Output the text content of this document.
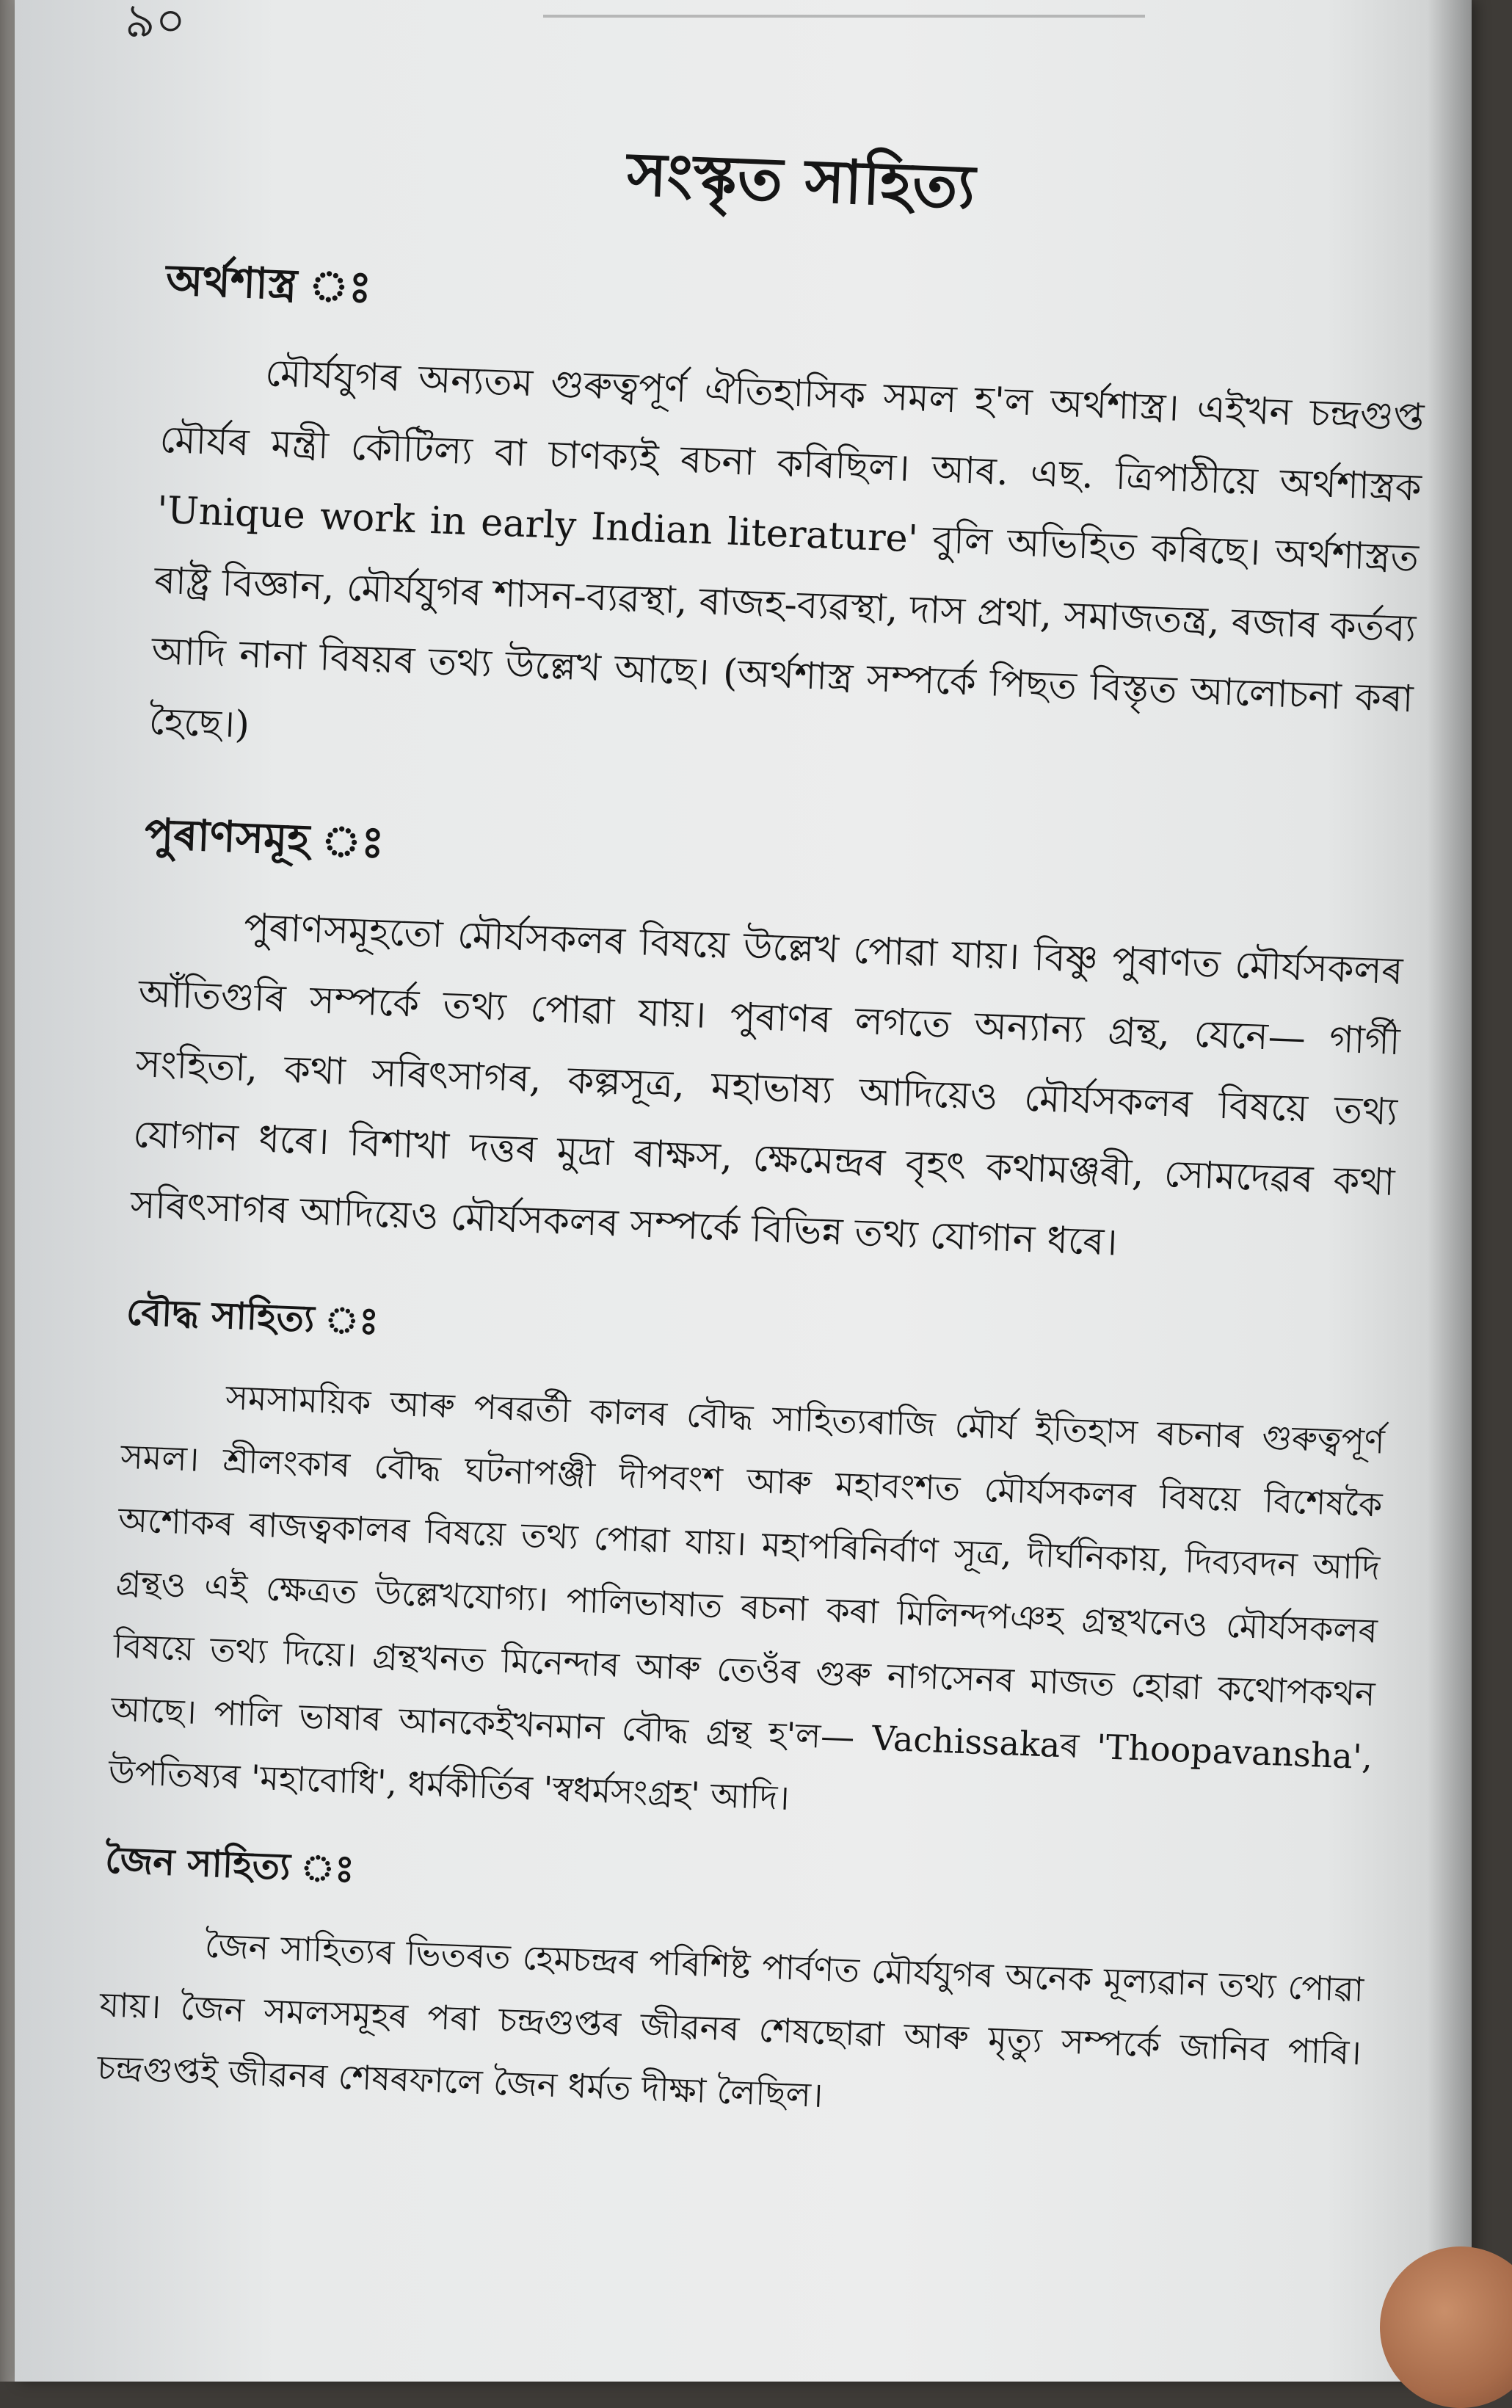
৯০
সংস্কৃত সাহিত্য
অৰ্থশাস্ত্ৰ ঃ

মৌৰ্যযুগৰ অন্যতম গুৰুত্বপূৰ্ণ ঐতিহাসিক সমল হ'ল অৰ্থশাস্ত্ৰ। এইখন চন্দ্ৰগুপ্ত মৌৰ্যৰ মন্ত্ৰী কৌটিল্য বা চাণক্যই ৰচনা কৰিছিল। আৰ. এছ. ত্ৰিপাঠীয়ে অৰ্থশাস্ত্ৰক 'Unique work in early Indian literature' বুলি অভিহিত কৰিছে। অৰ্থশাস্ত্ৰত ৰাষ্ট্ৰ বিজ্ঞান, মৌৰ্যযুগৰ শাসন-ব্যৱস্থা, ৰাজহ-ব্যৱস্থা, দাস প্ৰথা, সমাজতন্ত্ৰ, ৰজাৰ কৰ্তব্য আদি নানা বিষয়ৰ তথ্য উল্লেখ আছে। (অৰ্থশাস্ত্ৰ সম্পৰ্কে পিছত বিস্তৃত আলোচনা কৰা হৈছে।)

পুৰাণসমূহ ঃ

পুৰাণসমূহতো মৌৰ্যসকলৰ বিষয়ে উল্লেখ পোৱা যায়। বিষ্ণু পুৰাণত মৌৰ্যসকলৰ আঁতিগুৰি সম্পৰ্কে তথ্য পোৱা যায়। পুৰাণৰ লগতে অন্যান্য গ্ৰন্থ, যেনে— গাৰ্গী সংহিতা, কথা সৰিৎসাগৰ, কল্পসূত্ৰ, মহাভাষ্য আদিয়েও মৌৰ্যসকলৰ বিষয়ে তথ্য যোগান ধৰে। বিশাখা দত্তৰ মুদ্ৰা ৰাক্ষস, ক্ষেমেন্দ্ৰৰ বৃহৎ কথামঞ্জৰী, সোমদেৱৰ কথা সৰিৎসাগৰ আদিয়েও মৌৰ্যসকলৰ সম্পৰ্কে বিভিন্ন তথ্য যোগান ধৰে।

বৌদ্ধ সাহিত্য ঃ

সমসাময়িক আৰু পৰৱৰ্তী কালৰ বৌদ্ধ সাহিত্যৰাজি মৌৰ্য ইতিহাস ৰচনাৰ গুৰুত্বপূৰ্ণ সমল। শ্ৰীলংকাৰ বৌদ্ধ ঘটনাপঞ্জী দীপবংশ আৰু মহাবংশত মৌৰ্যসকলৰ বিষয়ে বিশেষকৈ অশোকৰ ৰাজত্বকালৰ বিষয়ে তথ্য পোৱা যায়। মহাপৰিনিৰ্বাণ সূত্ৰ, দীৰ্ঘনিকায়, দিব্যবদন আদি গ্ৰন্থও এই ক্ষেত্ৰত উল্লেখযোগ্য। পালিভাষাত ৰচনা কৰা মিলিন্দপঞহ গ্ৰন্থখনেও মৌৰ্যসকলৰ বিষয়ে তথ্য দিয়ে। গ্ৰন্থখনত মিনেন্দাৰ আৰু তেওঁৰ গুৰু নাগসেনৰ মাজত হোৱা কথোপকথন আছে। পালি ভাষাৰ আনকেইখনমান বৌদ্ধ গ্ৰন্থ হ'ল— Vachissakaৰ 'Thoopavansha', উপতিষ্যৰ 'মহাবোধি', ধৰ্মকীৰ্তিৰ 'স্বধৰ্মসংগ্ৰহ' আদি।

জৈন সাহিত্য ঃ

জৈন সাহিত্যৰ ভিতৰত হেমচন্দ্ৰৰ পৰিশিষ্ট পাৰ্বণত মৌৰ্যযুগৰ অনেক মূল্যৱান তথ্য পোৱা যায়। জৈন সমলসমূহৰ পৰা চন্দ্ৰগুপ্তৰ জীৱনৰ শেষছোৱা আৰু মৃত্যু সম্পৰ্কে জানিব পাৰি। চন্দ্ৰগুপ্তই জীৱনৰ শেষৰফালে জৈন ধৰ্মত দীক্ষা লৈছিল।
